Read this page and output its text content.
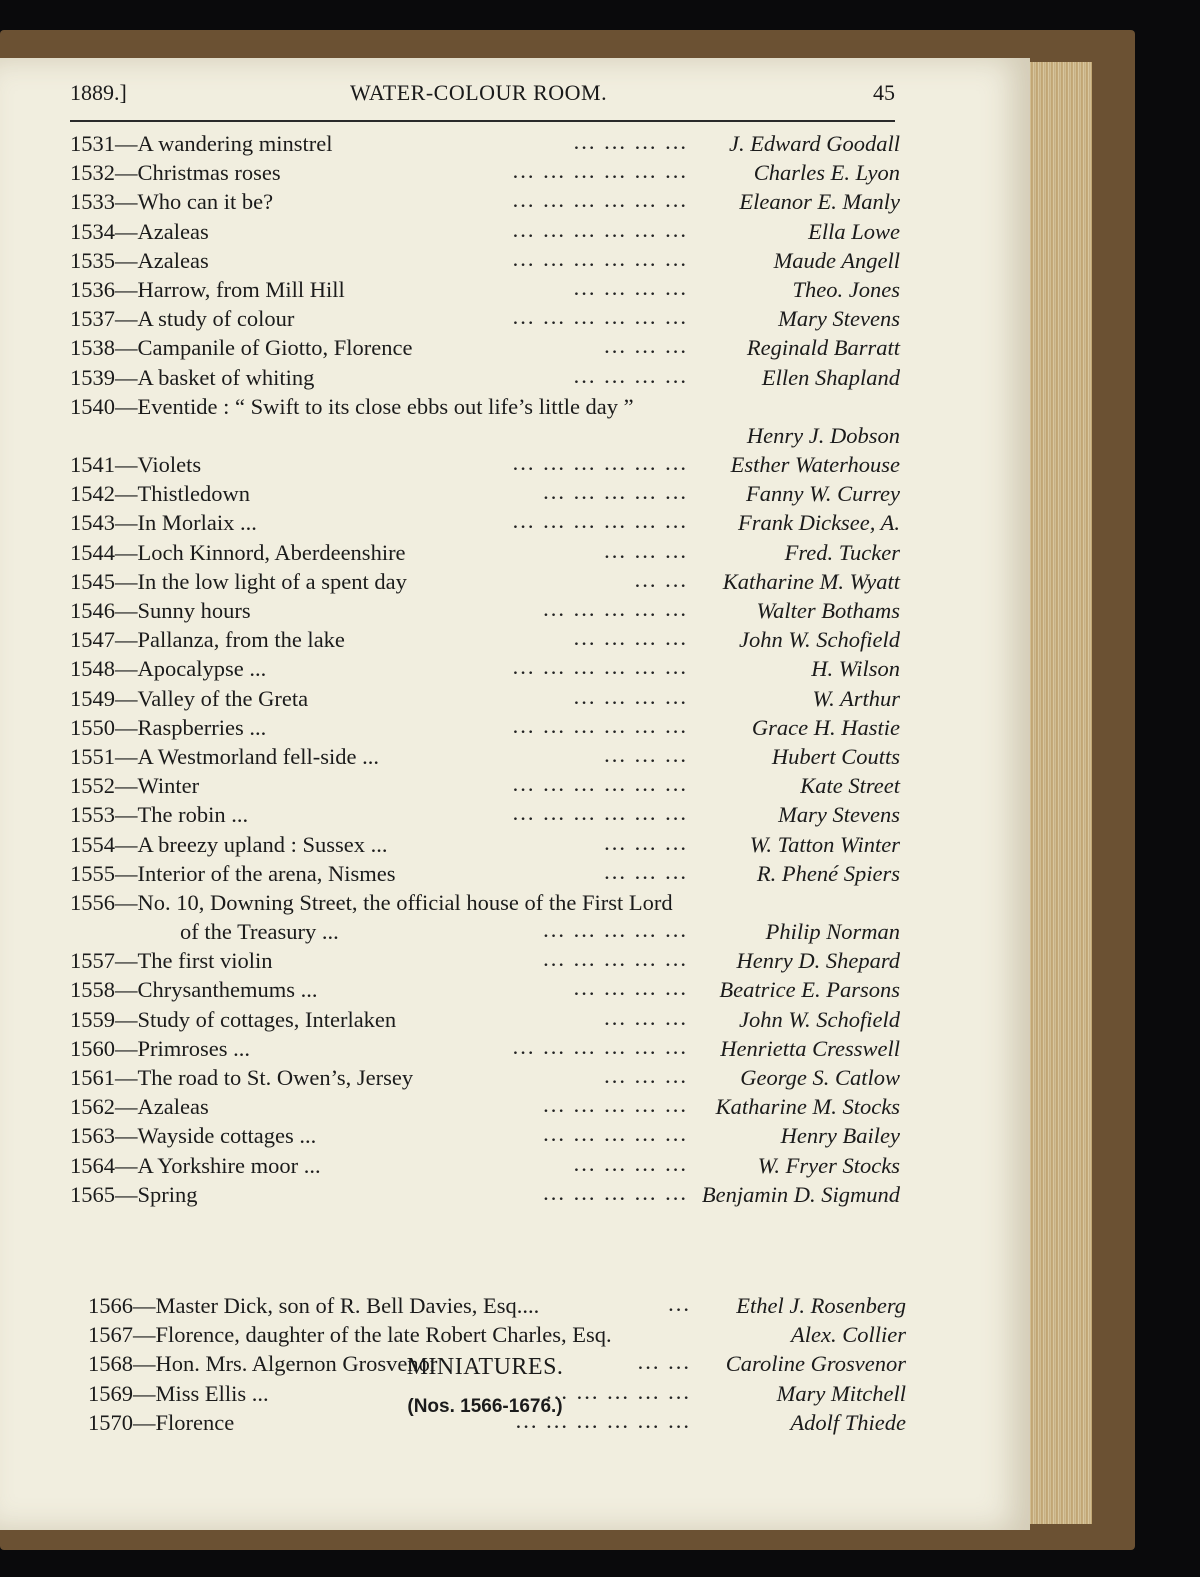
1889.]	WATER-COLOUR ROOM.	45
MINIATURES.
(Nos. 1566-1676.)
1531—A wandering minstrel	... ... ... ... J. Edward Goodall
1532—Christmas roses	... ... ... ... ... ...	Charles E. Lyon
1533—Who can it be?	... ... ... ... ... ... Eleanor E. Manly
1534—Azaleas	... ... ... ... ... ...	Ella Lowe
1535—Azaleas	... ... ... ... ... ...	Maude Angell
1536—Harrow, from Mill Hill	... ... ... ...	Theo. Jones
1537—A study of colour	... ... ... ... ... ...	Mary Stevens
1538—Campanile of Giotto, Florence	... ... ...	Reginald Barratt
1539—A basket of whiting	... ... ... ...	Ellen Shapland
1540—Eventide : “ Swift to its close ebbs out life’s little day ”
Henry J. Dobson
1541—Violets	... ... ... ... ... ... Esther Waterhouse
1542—Thistledown	... ... ... ... ...	Fanny W. Currey
1543—In Morlaix ...	... ... ... ... ... ... Frank Dicksee, A.
1544—Loch Kinnord, Aberdeenshire	... ... ...	Fred. Tucker
1545—In the low light of a spent day	... ... Katharine M. Wyatt
1546—Sunny hours	... ... ... ... ...	Walter Bothams
1547—Pallanza, from the lake	... ... ... ... John W. Schofield
1548—Apocalypse ...	... ... ... ... ... ...	H. Wilson
1549—Valley of the Greta	... ... ... ...	W. Arthur
1550—Raspberries ...	... ... ... ... ... ...	Grace H. Hastie
1551—A Westmorland fell-side ...	... ... ...	Hubert Coutts
1552—Winter	... ... ... ... ... ...	Kate Street
1553—The robin ...	... ... ... ... ... ...	Mary Stevens
1554—A breezy upland : Sussex ...	... ... ...	W. Tatton Winter
1555—Interior of the arena, Nismes	... ... ...	R. Phené Spiers
1556—No. 10, Downing Street, the official house of the First Lord
of the Treasury ...	... ... ... ... ...	Philip Norman
1557—The first violin	... ... ... ... ... Henry D. Shepard
1558—Chrysanthemums ...	... ... ... ... Beatrice E. Parsons
1559—Study of cottages, Interlaken	... ... ... John W. Schofield
1560—Primroses ...	... ... ... ... ... ... Henrietta Cresswell
1561—The road to St. Owen’s, Jersey	... ... ... George S. Catlow
1562—Azaleas	... ... ... ... ... Katharine M. Stocks
1563—Wayside cottages ...	... ... ... ... ...	Henry Bailey
1564—A Yorkshire moor ...	... ... ... ...	W. Fryer Stocks
1565—Spring	... ... ... ... ... Benjamin D. Sigmund
1566—Master Dick, son of R. Bell Davies, Esq....	... Ethel J. Rosenberg
1567—Florence, daughter of the late Robert Charles, Esq.	Alex. Collier
1568—Hon. Mrs. Algernon Grosvenor	... ... Caroline Grosvenor
1569—Miss Ellis ...	... ... ... ... ...	Mary Mitchell
1570—Florence	... ... ... ... ... ...	Adolf Thiede
